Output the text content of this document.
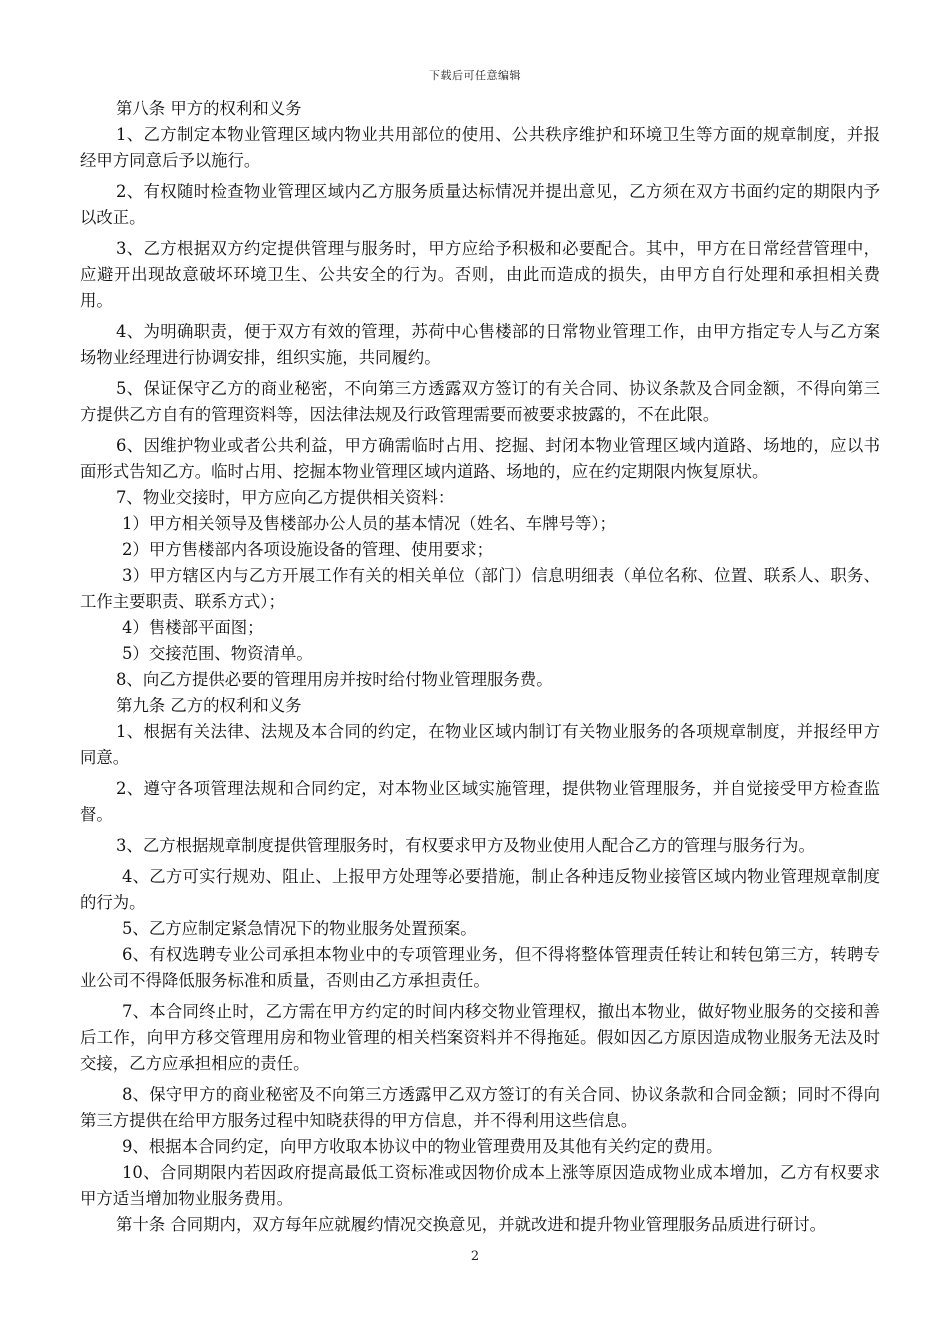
下载后可任意编辑

第八条 甲方的权利和义务

1、乙方制定本物业管理区域内物业共用部位的使用、公共秩序维护和环境卫生等方面的规章制度，并报经甲方同意后予以施行。

2、有权随时检查物业管理区域内乙方服务质量达标情况并提出意见，乙方须在双方书面约定的期限内予以改正。

3、乙方根据双方约定提供管理与服务时，甲方应给予积极和必要配合。其中，甲方在日常经营管理中，应避开出现故意破坏环境卫生、公共安全的行为。否则，由此而造成的损失，由甲方自行处理和承担相关费用。

4、为明确职责，便于双方有效的管理，苏荷中心售楼部的日常物业管理工作，由甲方指定专人与乙方案场物业经理进行协调安排，组织实施，共同履约。

5、保证保守乙方的商业秘密，不向第三方透露双方签订的有关合同、协议条款及合同金额，不得向第三方提供乙方自有的管理资料等，因法律法规及行政管理需要而被要求披露的，不在此限。

6、因维护物业或者公共利益，甲方确需临时占用、挖掘、封闭本物业管理区域内道路、场地的，应以书面形式告知乙方。临时占用、挖掘本物业管理区域内道路、场地的，应在约定期限内恢复原状。

7、物业交接时，甲方应向乙方提供相关资料：

1）甲方相关领导及售楼部办公人员的基本情况（姓名、车牌号等）；

2）甲方售楼部内各项设施设备的管理、使用要求；

3）甲方辖区内与乙方开展工作有关的相关单位（部门）信息明细表（单位名称、位置、联系人、职务、工作主要职责、联系方式）；

4）售楼部平面图；

5）交接范围、物资清单。

8、向乙方提供必要的管理用房并按时给付物业管理服务费。

第九条 乙方的权利和义务

1、根据有关法律、法规及本合同的约定，在物业区域内制订有关物业服务的各项规章制度，并报经甲方同意。

2、遵守各项管理法规和合同约定，对本物业区域实施管理，提供物业管理服务，并自觉接受甲方检查监督。

3、乙方根据规章制度提供管理服务时，有权要求甲方及物业使用人配合乙方的管理与服务行为。

4、乙方可实行规劝、阻止、上报甲方处理等必要措施，制止各种违反物业接管区域内物业管理规章制度的行为。

5、乙方应制定紧急情况下的物业服务处置预案。

6、有权选聘专业公司承担本物业中的专项管理业务，但不得将整体管理责任转让和转包第三方，转聘专业公司不得降低服务标准和质量，否则由乙方承担责任。

7、本合同终止时，乙方需在甲方约定的时间内移交物业管理权，撤出本物业，做好物业服务的交接和善后工作，向甲方移交管理用房和物业管理的相关档案资料并不得拖延。假如因乙方原因造成物业服务无法及时交接，乙方应承担相应的责任。

8、保守甲方的商业秘密及不向第三方透露甲乙双方签订的有关合同、协议条款和合同金额；同时不得向第三方提供在给甲方服务过程中知晓获得的甲方信息，并不得利用这些信息。

9、根据本合同约定，向甲方收取本协议中的物业管理费用及其他有关约定的费用。

10、合同期限内若因政府提高最低工资标准或因物价成本上涨等原因造成物业成本增加，乙方有权要求甲方适当增加物业服务费用。

第十条 合同期内，双方每年应就履约情况交换意见，并就改进和提升物业管理服务品质进行研讨。

2
